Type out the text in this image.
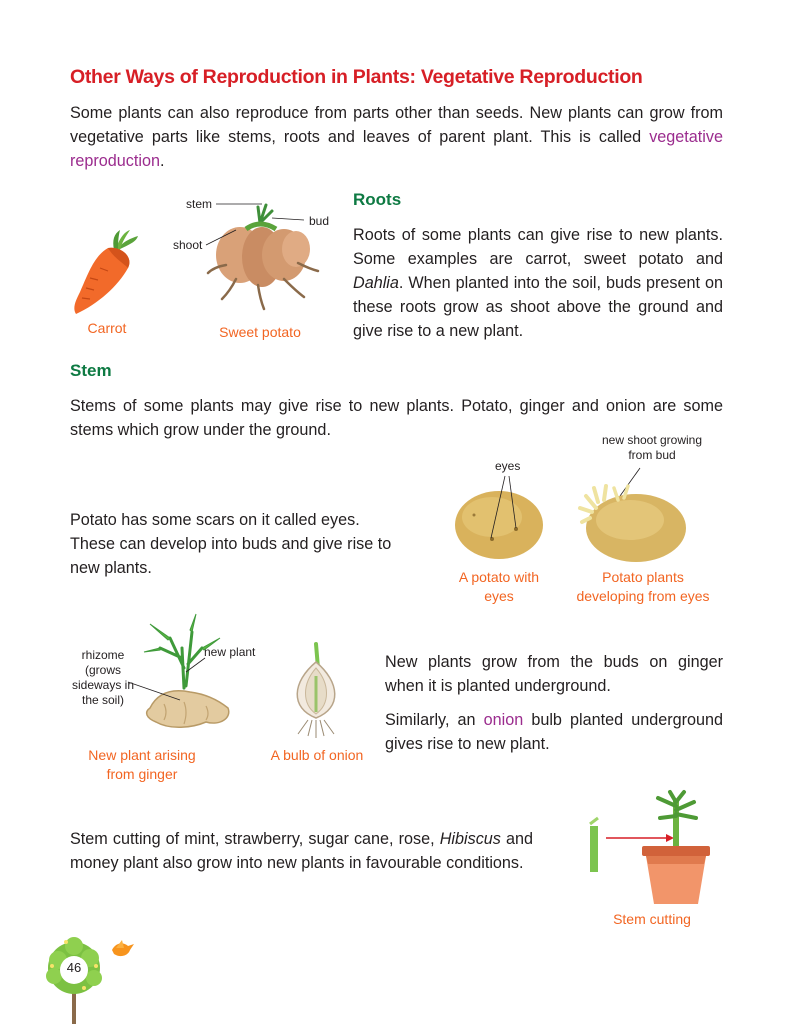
Other Ways of Reproduction in Plants: Vegetative Reproduction
Some plants can also reproduce from parts other than seeds. New plants can grow from vegetative parts like stems, roots and leaves of parent plant. This is called vegetative reproduction.
Carrot
stem
bud
shoot
Sweet potato
Roots
Roots of some plants can give rise to new plants. Some examples are carrot, sweet potato and Dahlia. When planted into the soil, buds present on these roots grow as shoot above the ground and give rise to a new plant.
Stem
Stems of some plants may give rise to new plants. Potato, ginger and onion are some stems which grow under the ground.
Potato has some scars on it called eyes. These can develop into buds and give rise to new plants.
eyes
new shoot growing from bud
A potato with eyes
Potato plants developing from eyes
rhizome (grows sideways in the soil)
new plant
New plant arising from ginger
A bulb of onion
New plants grow from the buds on ginger when it is planted underground.
Similarly, an onion bulb planted underground gives rise to new plant.
Stem cutting of mint, strawberry, sugar cane, rose, Hibiscus and money plant also grow into new plants in favourable conditions.
Stem cutting
46
